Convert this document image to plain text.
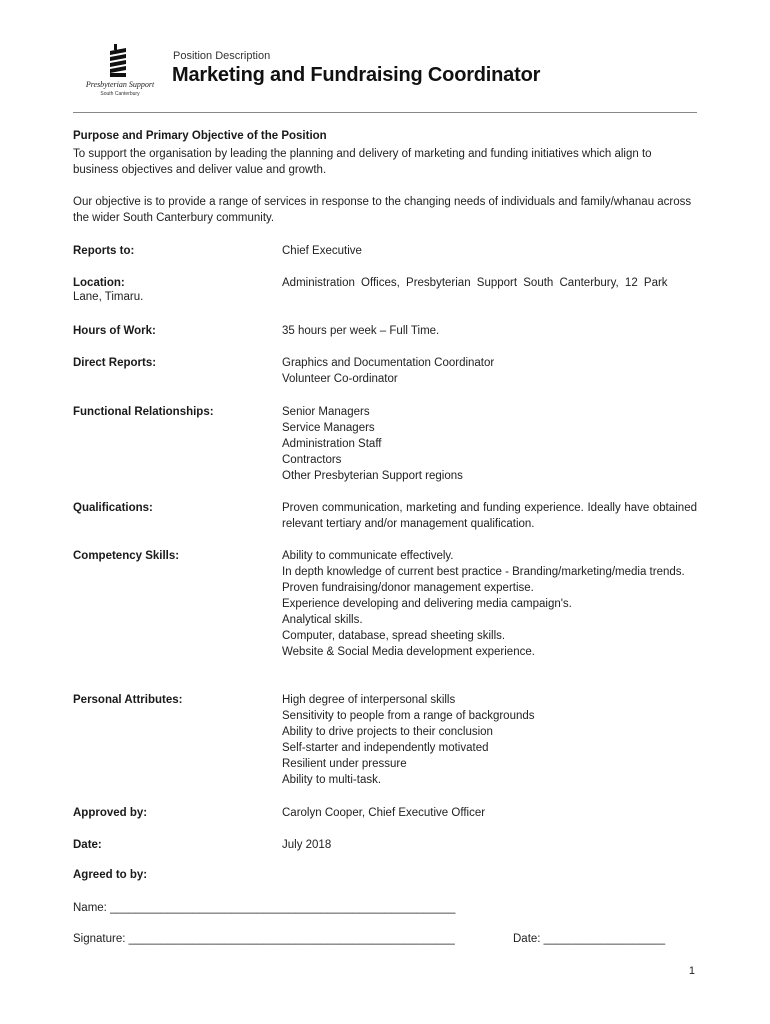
Presbyterian Support
South Canterbury
Position Description
Marketing and Fundraising Coordinator
Purpose and Primary Objective of the Position
To support the organisation by leading the planning and delivery of marketing and funding initiatives which align to business objectives and deliver value and growth.
Our objective is to provide a range of services in response to the changing needs of individuals and family/whanau across the wider South Canterbury community.
Reports to:	Chief Executive
Location:	Administration Offices, Presbyterian Support South Canterbury, 12 Park
Lane, Timaru.
Hours of Work:	35 hours per week – Full Time.
Direct Reports:	Graphics and Documentation Coordinator
Volunteer Co-ordinator
Functional Relationships:	Senior Managers
Service Managers
Administration Staff
Contractors
Other Presbyterian Support regions
Qualifications:	Proven communication, marketing and funding experience. Ideally have obtained relevant tertiary and/or management qualification.
Competency Skills:	Ability to communicate effectively.
In depth knowledge of current best practice - Branding/marketing/media trends.
Proven fundraising/donor management expertise.
Experience developing and delivering media campaign's.
Analytical skills.
Computer, database, spread sheeting skills.
Website & Social Media development experience.
Personal Attributes:	High degree of interpersonal skills
Sensitivity to people from a range of backgrounds
Ability to drive projects to their conclusion
Self-starter and independently motivated
Resilient under pressure
Ability to multi-task.
Approved by:	Carolyn Cooper, Chief Executive Officer
Date:	July 2018
Agreed to by:
Name: ______________________________________________________
Signature: ___________________________________________________	Date: ___________________
1
